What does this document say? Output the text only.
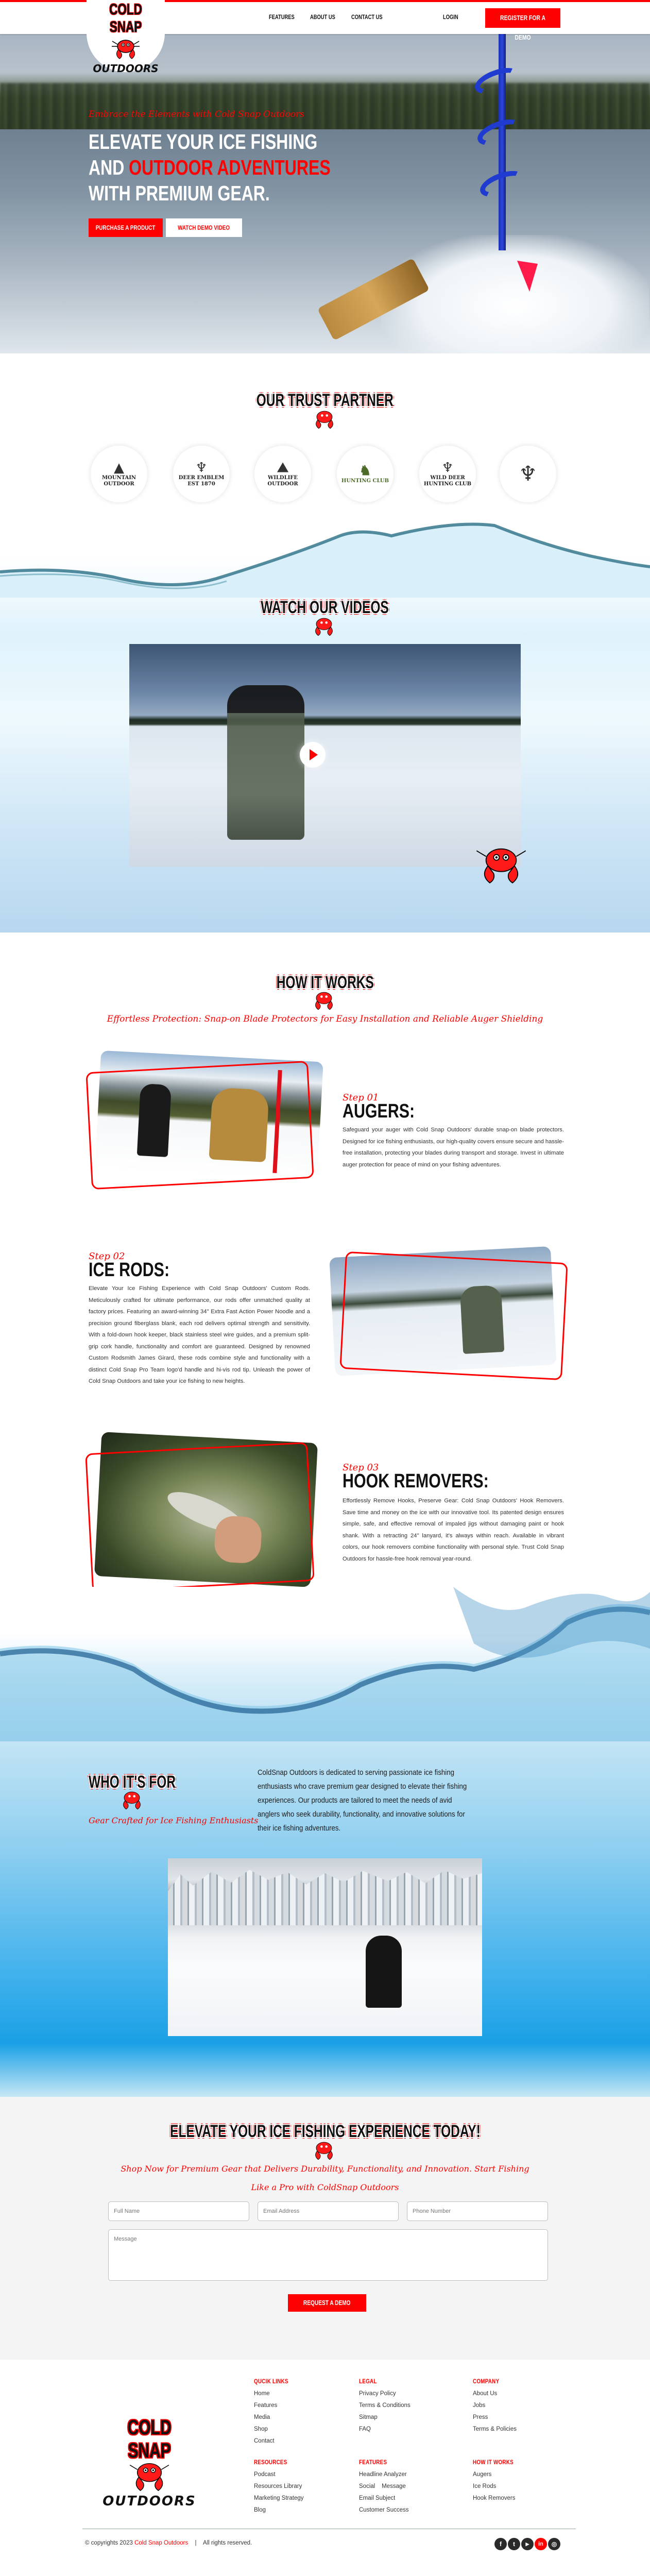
FEATURES	ABOUT US	CONTACT US	LOGIN	REGISTER FOR A DEMO
COLD SNAP
OUTDOORS
Embrace the Elements with Cold Snap Outdoors
ELEVATE YOUR ICE FISHING
AND OUTDOOR ADVENTURES
WITH PREMIUM GEAR.
PURCHASE A PRODUCT	WATCH DEMO VIDEO
OUR TRUST PARTNER
▲
MOUNTAIN
OUTDOOR
♆
DEER EMBLEM
EST 1870
⛰
WILDLIFE
OUTDOOR
♞
HUNTING CLUB
♆
WILD DEER
HUNTING CLUB ♆
WATCH OUR VIDEOS
HOW IT WORKS
Effortless Protection: Snap-on Blade Protectors for Easy Installation and Reliable Auger Shielding
Step 01
AUGERS:
Safeguard your auger with Cold Snap Outdoors' durable snap-on blade protectors. Designed for ice fishing enthusiasts, our high-quality covers ensure secure and hassle-free installation, protecting your blades during transport and storage. Invest in ultimate auger protection for peace of mind on your fishing adventures.
Step 02
ICE RODS:
Elevate Your Ice Fishing Experience with Cold Snap Outdoors' Custom Rods. Meticulously crafted for ultimate performance, our rods offer unmatched quality at factory prices. Featuring an award-winning 34" Extra Fast Action Power Noodle and a precision ground fiberglass blank, each rod delivers optimal strength and sensitivity. With a fold-down hook keeper, black stainless steel wire guides, and a premium split-grip cork handle, functionality and comfort are guaranteed. Designed by renowned Custom Rodsmith James Girard, these rods combine style and functionality with a distinct Cold Snap Pro Team logo'd handle and hi-vis rod tip. Unleash the power of Cold Snap Outdoors and take your ice fishing to new heights.
Step 03
HOOK REMOVERS:
Effortlessly Remove Hooks, Preserve Gear: Cold Snap Outdoors' Hook Removers. Save time and money on the ice with our innovative tool. Its patented design ensures simple, safe, and effective removal of impaled jigs without damaging paint or hook shank. With a retracting 24" lanyard, it's always within reach. Available in vibrant colors, our hook removers combine functionality with personal style. Trust Cold Snap Outdoors for hassle-free hook removal year-round.
WHO IT'S FOR
Gear Crafted for Ice Fishing Enthusiasts
ColdSnap Outdoors is dedicated to serving passionate ice fishing enthusiasts who crave premium gear designed to elevate their fishing experiences. Our products are tailored to meet the needs of avid anglers who seek durability, functionality, and innovative solutions for their ice fishing adventures.
ELEVATE YOUR ICE FISHING EXPERIENCE TODAY!
Shop Now for Premium Gear that Delivers Durability, Functionality, and Innovation. Start Fishing Like a Pro with ColdSnap Outdoors
Full Name
Email Address
Phone Number
Message
REQUEST A DEMO
COLD SNAP
OUTDOORS
QUCIK LINKS
Home
Features
Media
Shop
Contact
LEGAL
Privacy Policy
Terms & Conditions
Sitmap
FAQ
COMPANY
About Us
Jobs
Press
Terms & Policies
RESOURCES
Podcast
Resources Library
Marketing Strategy
Blog
FEATURES
Headline Analyzer
Social    Message
Email Subject
Customer Success
HOW IT WORKS
Augers
Ice Rods
Hook Removers
© copyrights 2023 Cold Snap Outdoors | All rights reserved.	f	t	▶	in	◎
